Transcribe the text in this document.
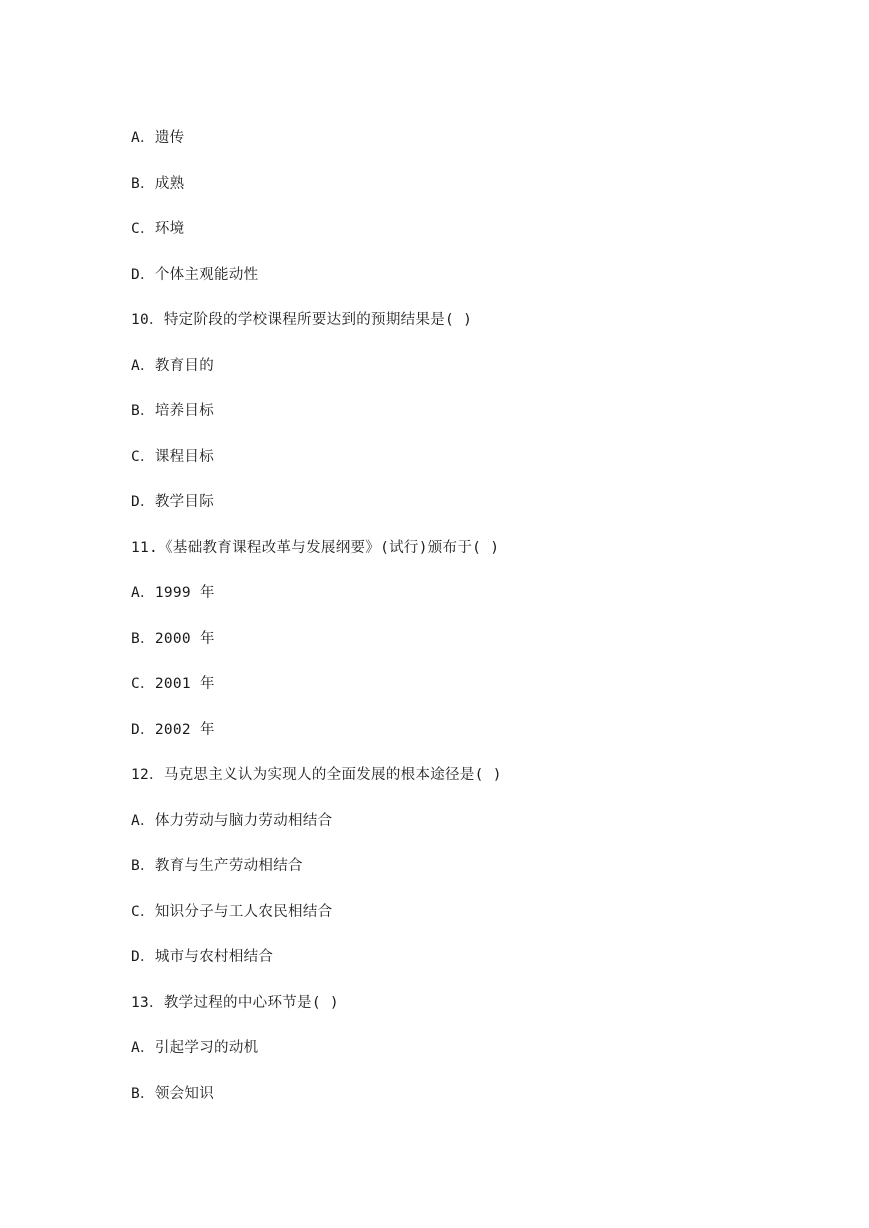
A．遗传
B．成熟
C．环境
D．个体主观能动性
10．特定阶段的学校课程所要达到的预期结果是( )
A．教育目的
B．培养目标
C．课程目标
D．教学目际
11.《基础教育课程改革与发展纲要》(试行)颁布于( )
A．1999 年
B．2000 年
C．2001 年
D．2002 年
12．马克思主义认为实现人的全面发展的根本途径是( )
A．体力劳动与脑力劳动相结合
B．教育与生产劳动相结合
C．知识分子与工人农民相结合
D．城市与农村相结合
13．教学过程的中心环节是( )
A．引起学习的动机
B．领会知识
